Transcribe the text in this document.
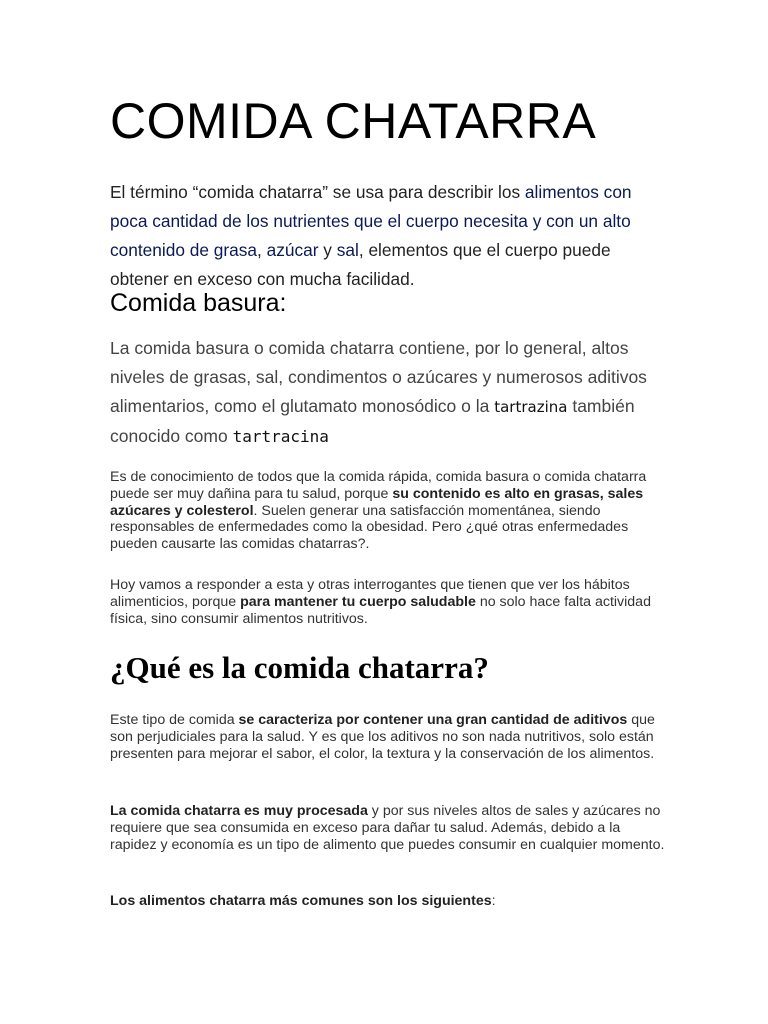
COMIDA CHATARRA

El término “comida chatarra” se usa para describir los alimentos con poca cantidad de los nutrientes que el cuerpo necesita y con un alto contenido de grasa, azúcar y sal, elementos que el cuerpo puede obtener en exceso con mucha facilidad.

Comida basura:

La comida basura o comida chatarra contiene, por lo general, altos niveles de grasas, sal, condimentos o azúcares y numerosos aditivos alimentarios, como el glutamato monosódico o la tartrazina también conocido como tartracina

Es de conocimiento de todos que la comida rápida, comida basura o comida chatarra puede ser muy dañina para tu salud, porque su contenido es alto en grasas, sales azúcares y colesterol. Suelen generar una satisfacción momentánea, siendo responsables de enfermedades como la obesidad. Pero ¿qué otras enfermedades pueden causarte las comidas chatarras?.

Hoy vamos a responder a esta y otras interrogantes que tienen que ver los hábitos alimenticios, porque para mantener tu cuerpo saludable no solo hace falta actividad física, sino consumir alimentos nutritivos.

¿Qué es la comida chatarra?

Este tipo de comida se caracteriza por contener una gran cantidad de aditivos que son perjudiciales para la salud. Y es que los aditivos no son nada nutritivos, solo están presenten para mejorar el sabor, el color, la textura y la conservación de los alimentos.

La comida chatarra es muy procesada y por sus niveles altos de sales y azúcares no requiere que sea consumida en exceso para dañar tu salud. Además, debido a la rapidez y economía es un tipo de alimento que puedes consumir en cualquier momento.

Los alimentos chatarra más comunes son los siguientes:
